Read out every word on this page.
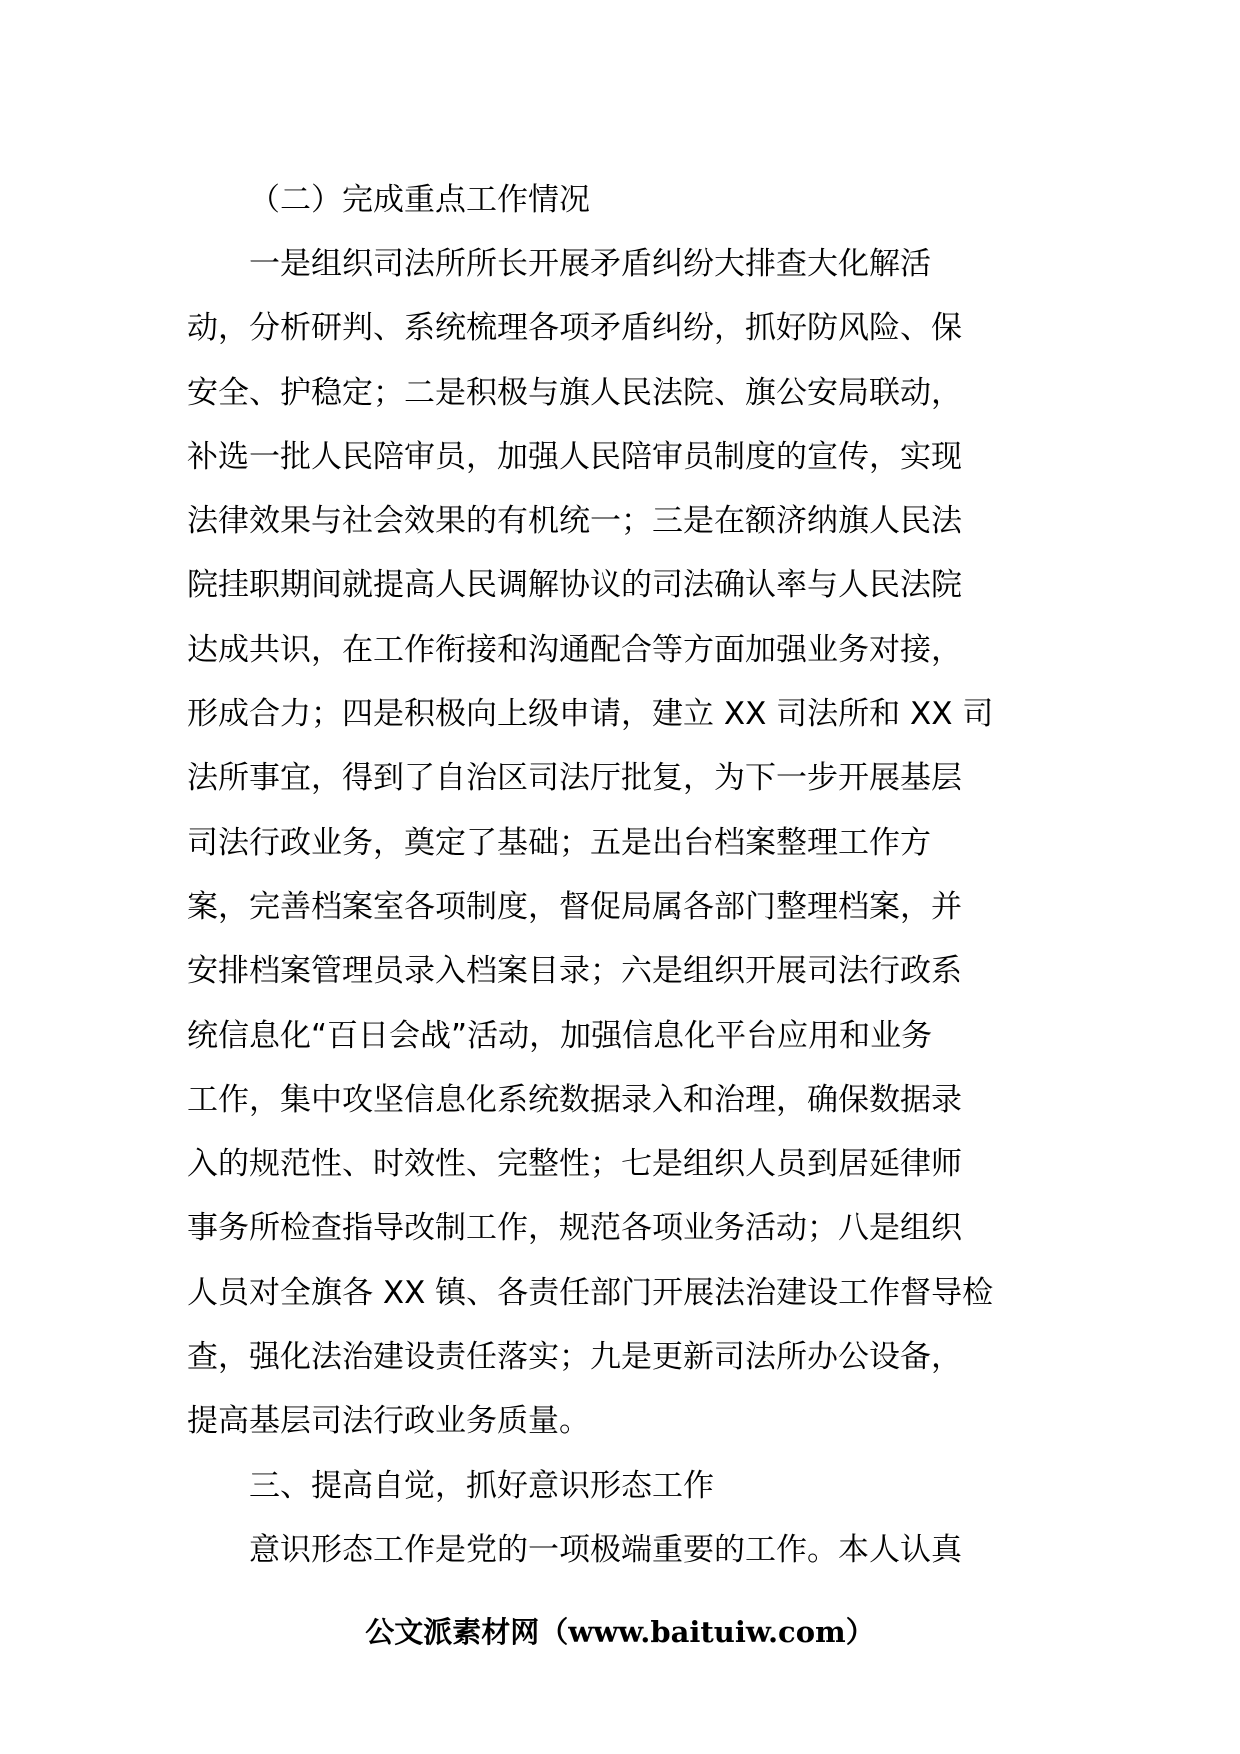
（二）完成重点工作情况

一是组织司法所所长开展矛盾纠纷大排查大化解活

动，分析研判、系统梳理各项矛盾纠纷，抓好防风险、保

安全、护稳定；二是积极与旗人民法院、旗公安局联动，

补选一批人民陪审员，加强人民陪审员制度的宣传，实现

法律效果与社会效果的有机统一；三是在额济纳旗人民法

院挂职期间就提高人民调解协议的司法确认率与人民法院

达成共识，在工作衔接和沟通配合等方面加强业务对接，

形成合力；四是积极向上级申请，建立 XX 司法所和 XX 司

法所事宜，得到了自治区司法厅批复，为下一步开展基层

司法行政业务，奠定了基础；五是出台档案整理工作方

案，完善档案室各项制度，督促局属各部门整理档案，并

安排档案管理员录入档案目录；六是组织开展司法行政系

统信息化“百日会战”活动，加强信息化平台应用和业务

工作，集中攻坚信息化系统数据录入和治理，确保数据录

入的规范性、时效性、完整性；七是组织人员到居延律师

事务所检查指导改制工作，规范各项业务活动；八是组织

人员对全旗各 XX 镇、各责任部门开展法治建设工作督导检

查，强化法治建设责任落实；九是更新司法所办公设备，

提高基层司法行政业务质量。

三、提高自觉，抓好意识形态工作

意识形态工作是党的一项极端重要的工作。本人认真

公文派素材网（www.baituiw.com）
